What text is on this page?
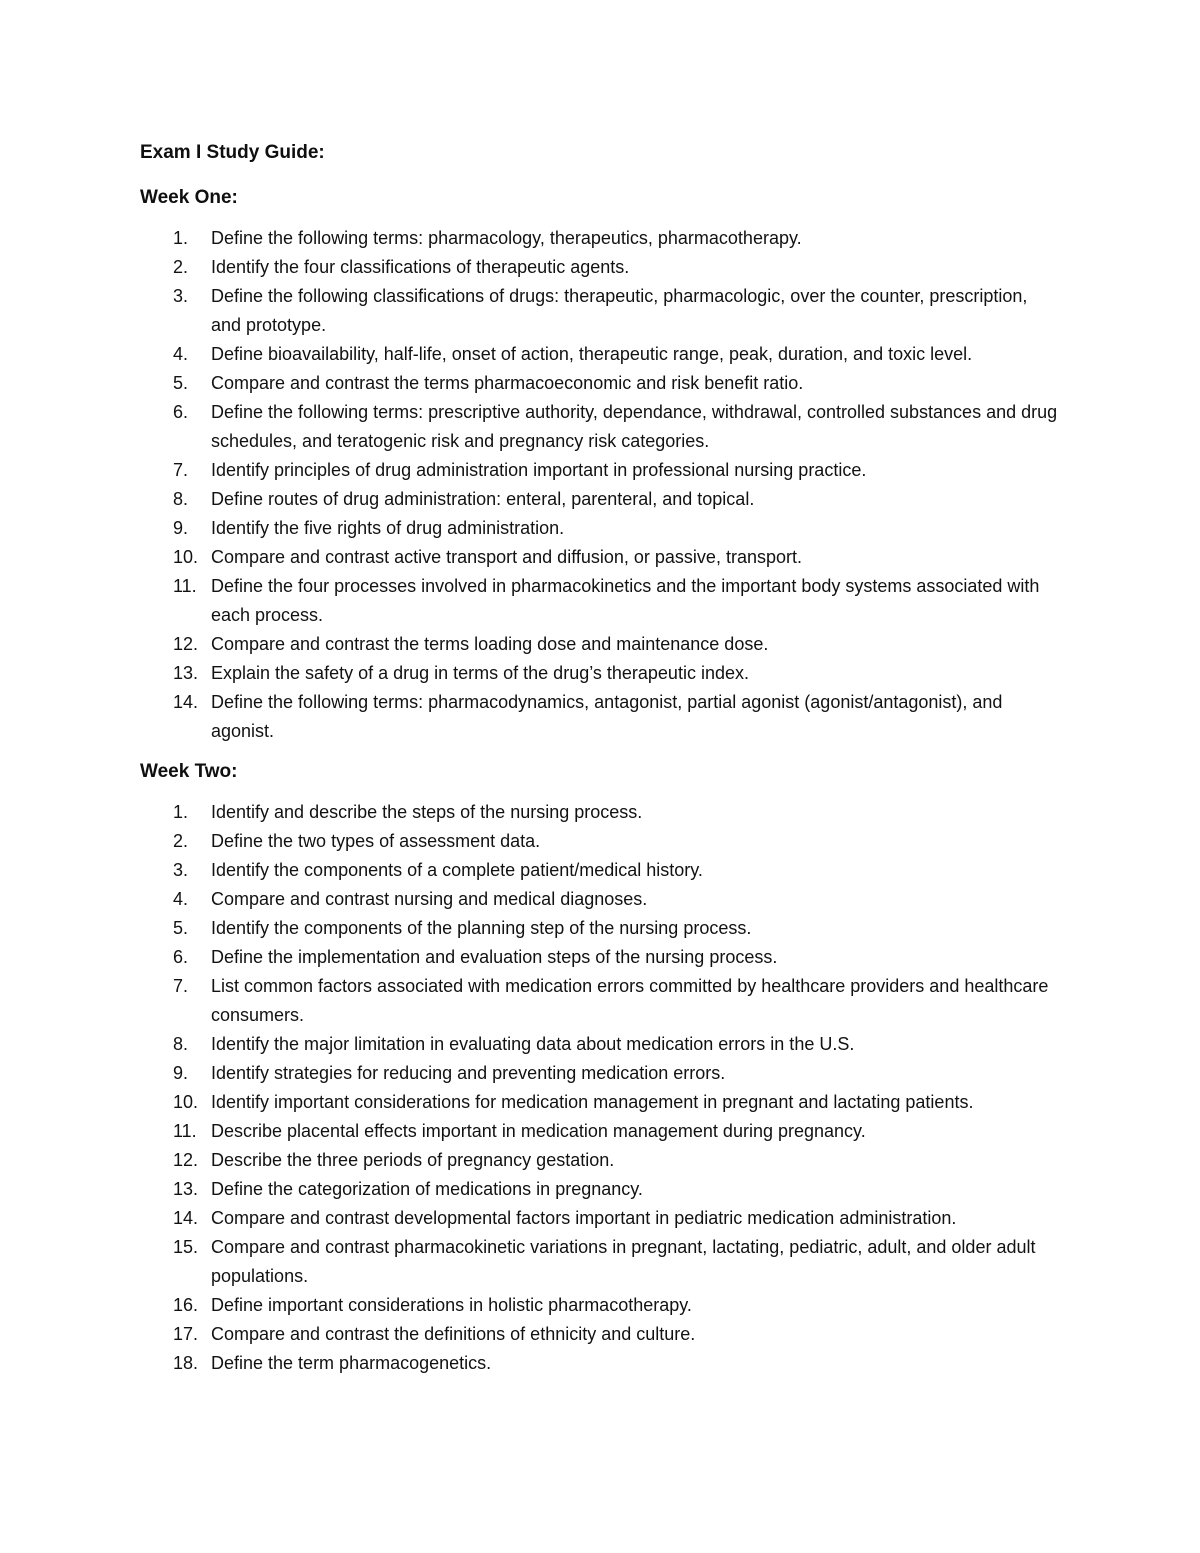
Exam I Study Guide:
Week One:
1.	Define the following terms: pharmacology, therapeutics, pharmacotherapy.
2.	Identify the four classifications of therapeutic agents.
3.	Define the following classifications of drugs: therapeutic, pharmacologic, over the counter, prescription, and prototype.
4.	Define bioavailability, half-life, onset of action, therapeutic range, peak, duration, and toxic level.
5.	Compare and contrast the terms pharmacoeconomic and risk benefit ratio.
6.	Define the following terms: prescriptive authority, dependance, withdrawal, controlled substances and drug schedules, and teratogenic risk and pregnancy risk categories.
7.	Identify principles of drug administration important in professional nursing practice.
8.	Define routes of drug administration: enteral, parenteral, and topical.
9.	Identify the five rights of drug administration.
10. Compare and contrast active transport and diffusion, or passive, transport.
11. Define the four processes involved in pharmacokinetics and the important body systems associated with each process.
12. Compare and contrast the terms loading dose and maintenance dose.
13. Explain the safety of a drug in terms of the drug’s therapeutic index.
14. Define the following terms: pharmacodynamics, antagonist, partial agonist (agonist/antagonist), and agonist.
Week Two:
1.	Identify and describe the steps of the nursing process.
2.	Define the two types of assessment data.
3.	Identify the components of a complete patient/medical history.
4.	Compare and contrast nursing and medical diagnoses.
5.	Identify the components of the planning step of the nursing process.
6.	Define the implementation and evaluation steps of the nursing process.
7.	List common factors associated with medication errors committed by healthcare providers and healthcare consumers.
8.	Identify the major limitation in evaluating data about medication errors in the U.S.
9.	Identify strategies for reducing and preventing medication errors.
10. Identify important considerations for medication management in pregnant and lactating patients.
11. Describe placental effects important in medication management during pregnancy.
12. Describe the three periods of pregnancy gestation.
13. Define the categorization of medications in pregnancy.
14. Compare and contrast developmental factors important in pediatric medication administration.
15. Compare and contrast pharmacokinetic variations in pregnant, lactating, pediatric, adult, and older adult populations.
16. Define important considerations in holistic pharmacotherapy.
17. Compare and contrast the definitions of ethnicity and culture.
18. Define the term pharmacogenetics.
